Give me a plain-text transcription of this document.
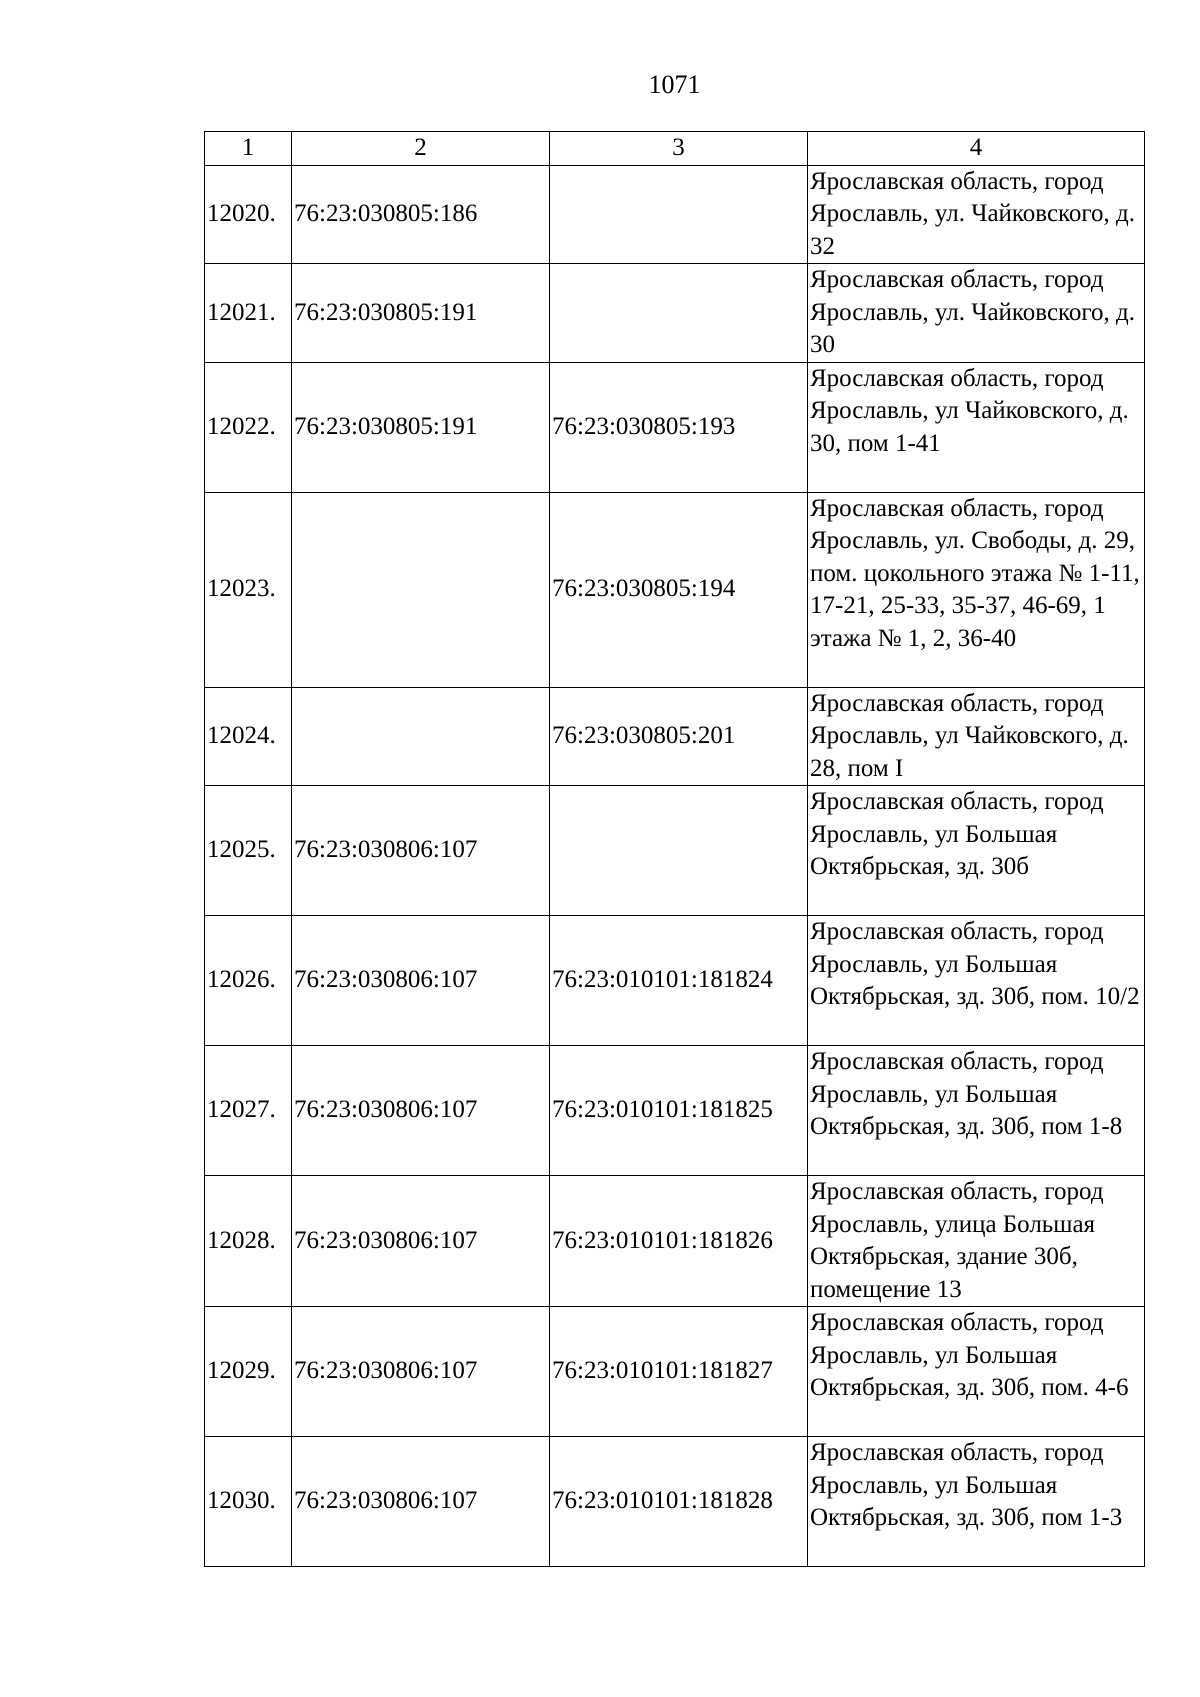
1071
1	2	3	4
12020.	76:23:030805:186		Ярославская область, город Ярославль, ул. Чайковского, д. 32
12021.	76:23:030805:191		Ярославская область, город Ярославль, ул. Чайковского, д. 30
12022.	76:23:030805:191	76:23:030805:193	Ярославская область, город Ярославль, ул Чайковского, д. 30, пом 1-41
12023.		76:23:030805:194	Ярославская область, город Ярославль, ул. Свободы, д. 29, пом. цокольного этажа № 1-11, 17-21, 25-33, 35-37, 46-69, 1 этажа № 1, 2, 36-40
12024.		76:23:030805:201	Ярославская область, город Ярославль, ул Чайковского, д. 28, пом I
12025.	76:23:030806:107		Ярославская область, город Ярославль, ул Большая Октябрьская, зд. 30б
12026.	76:23:030806:107	76:23:010101:181824	Ярославская область, город Ярославль, ул Большая Октябрьская, зд. 30б, пом. 10/2
12027.	76:23:030806:107	76:23:010101:181825	Ярославская область, город Ярославль, ул Большая Октябрьская, зд. 30б, пом 1-8
12028.	76:23:030806:107	76:23:010101:181826	Ярославская область, город Ярославль, улица Большая Октябрьская, здание 30б, помещение 13
12029.	76:23:030806:107	76:23:010101:181827	Ярославская область, город Ярославль, ул Большая Октябрьская, зд. 30б, пом. 4-6
12030.	76:23:030806:107	76:23:010101:181828	Ярославская область, город Ярославль, ул Большая Октябрьская, зд. 30б, пом 1-3
